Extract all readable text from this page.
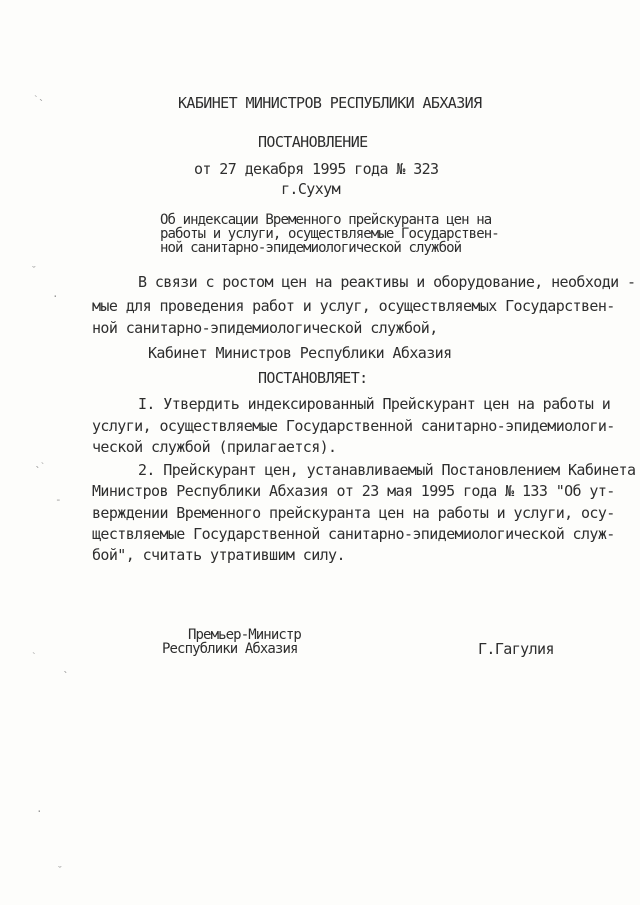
КАБИНЕТ МИНИСТРОВ РЕСПУБЛИКИ АБХАЗИЯ
ПОСТАНОВЛЕНИЕ
от 27 декабря 1995 года № 323
г.Сухум
Об индексации Временного прейскуранта цен на
работы и услуги, осуществляемые Государствен-
ной санитарно-эпидемиологической службой
В связи с ростом цен на реактивы и оборудование, необходи -
мые для проведения работ и услуг, осуществляемых Государствен-
ной санитарно-эпидемиологической службой,
Кабинет Министров Республики Абхазия
ПОСТАНОВЛЯЕТ:
I. Утвердить индексированный Прейскурант цен на работы и
услуги, осуществляемые Государственной санитарно-эпидемиологи-
ческой службой (прилагается).
2. Прейскурант цен, устанавливаемый Постановлением Кабинета
Министров Республики Абхазия от 23 мая 1995 года № 133 "Об ут-
верждении Временного прейскуранта цен на работы и услуги, осу-
ществляемые Государственной санитарно-эпидемиологической служ-
бой", считать утратившим силу.
Премьер-Министр
Республики Абхазия	Г.Гагулия
˴ˎ
ˬ
·
ˎ˴
-
˴
ˎ
·
ˬ
